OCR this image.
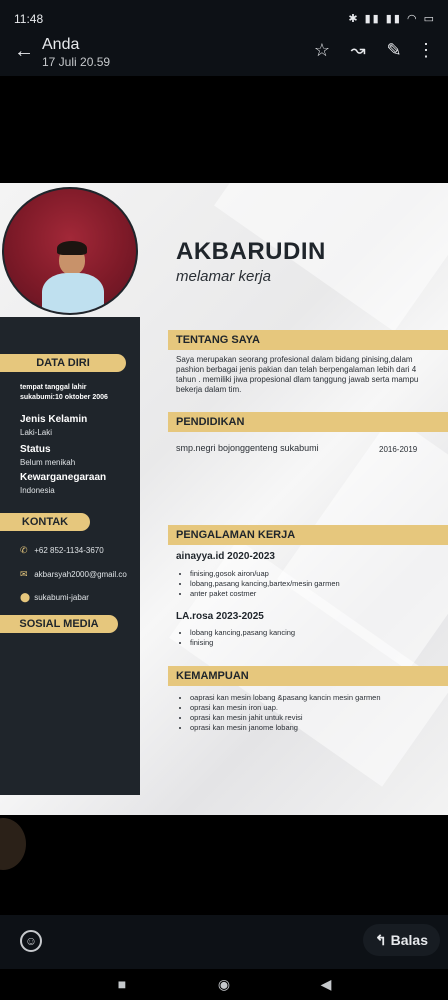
11:48	✱ ▮▮ ▮▮ ◠ ▭
← Anda
17 Juli 20.59
☆ ↝ ✎ ⋮
DATA DIRI
tempat tanggal lahir
sukabumi:10 oktober 2006
Jenis Kelamin
Laki-Laki
Status
Belum menikah
Kewarganegaraan
Indonesia
KONTAK
✆ +62 852-1134-3670
✉ akbarsyah2000@gmail.co
⬤ sukabumi-jabar
SOSIAL MEDIA
AKBARUDIN
melamar kerja
TENTANG SAYA
Saya merupakan seorang profesional dalam bidang pinising,dalam pashion berbagai jenis pakian dan telah berpengalaman lebih dari 4 tahun . memiliki jiwa propesional dlam tanggung jawab serta mampu bekerja dalam tim.
PENDIDIKAN
smp.negri bojonggenteng sukabumi	2016-2019
PENGALAMAN KERJA
ainayya.id 2020-2023
• finising,gosok airon/uap
• lobang,pasang kancing,bartex/mesin garmen
• anter paket costmer
LA.rosa 2023-2025
• lobang kancing,pasang kancing
• finising
KEMAMPUAN
• oaprasi kan mesin lobang &pasang kancin mesin garmen
• oprasi kan mesin iron uap.
• oprasi kan mesin jahit untuk revisi
• oprasi kan mesin janome lobang
☺	↰ Balas
■	◉	◀
